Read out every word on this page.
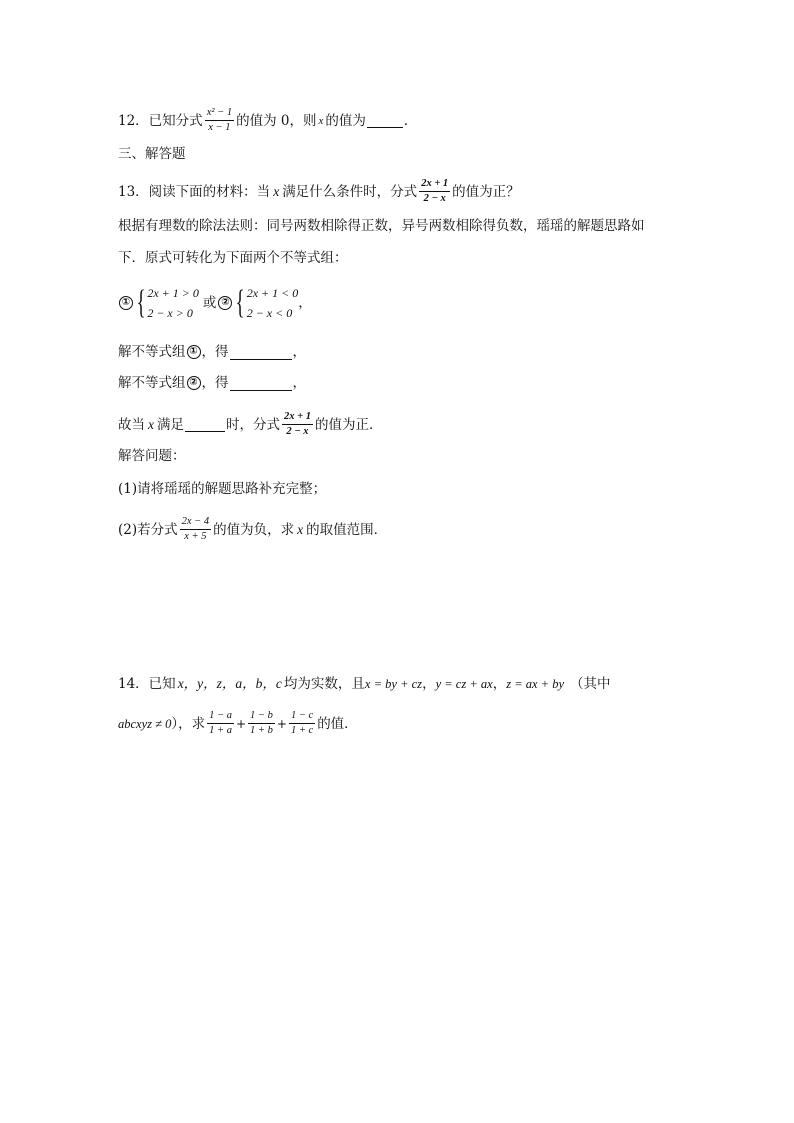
12．已知分式 $\frac{\text{x² − 1}}{x - 1}$ 的值为 0，则 x 的值为	．
三、解答题
13．阅读下面的材料：当 x 满足什么条件时，分式 $\frac{2x + 1}{2 - x}$ 的值为正？
根据有理数的除法法则：同号两数相除得正数，异号两数相除得负数，瑶瑶的解题思路如
下．原式可转化为下面两个不等式组：
① { 2x + 1 > 0
2 − x > 0
或 ② { 2x + 1 < 0
2 − x < 0
，
解不等式组 ① ，得	，
解不等式组 ② ，得	，
故当 x 满足	时，分式 $\frac{2x + 1}{2 - x}$ 的值为正．
解答问题：
(1)请将瑶瑶的解题思路补充完整；
(2)若分式 $\frac{2x - 4}{x + 5}$ 的值为负，求 x 的取值范围．
14．已知 x，y，z，a，b，c 均为实数，且 x = by + cz ， y = cz + ax ， z = ax + by （其中
abcxyz ≠ 0 ），求 $\frac{1 - a}{1 + a} + \frac{1 - b}{1 + b} + \frac{1 - c}{1 + c}$ 的值．
